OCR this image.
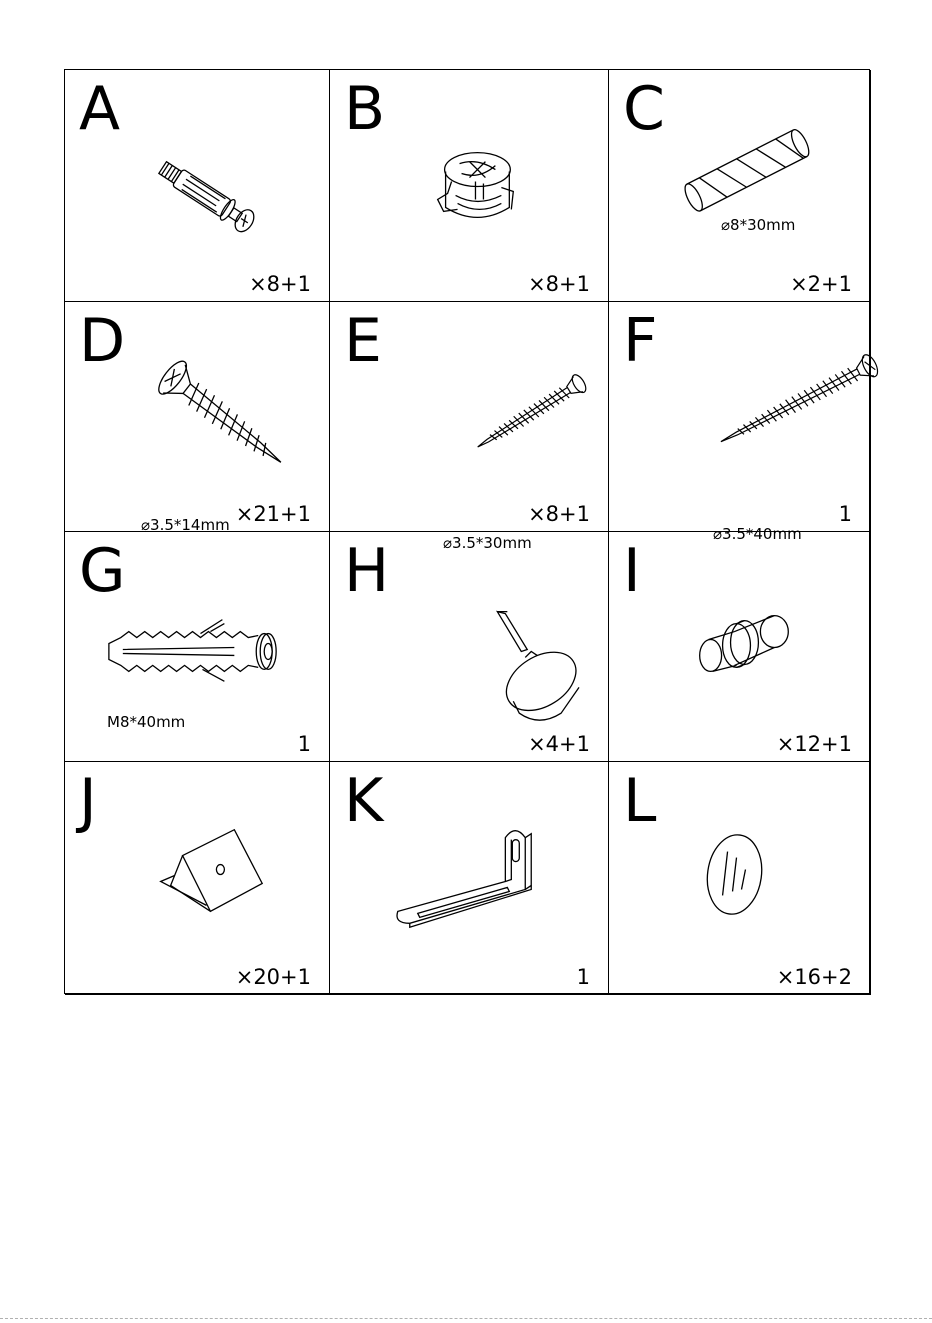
A
×8+1
B
×8+1
C
⌀8*30mm
×2+1
D
⌀3.5*14mm ×21+1
E
⌀3.5*30mm
×8+1
F
⌀3.5*40mm
1
G
M8*40mm
1
H
×4+1
I
×12+1
J
×20+1
K
1
L
×16+2
